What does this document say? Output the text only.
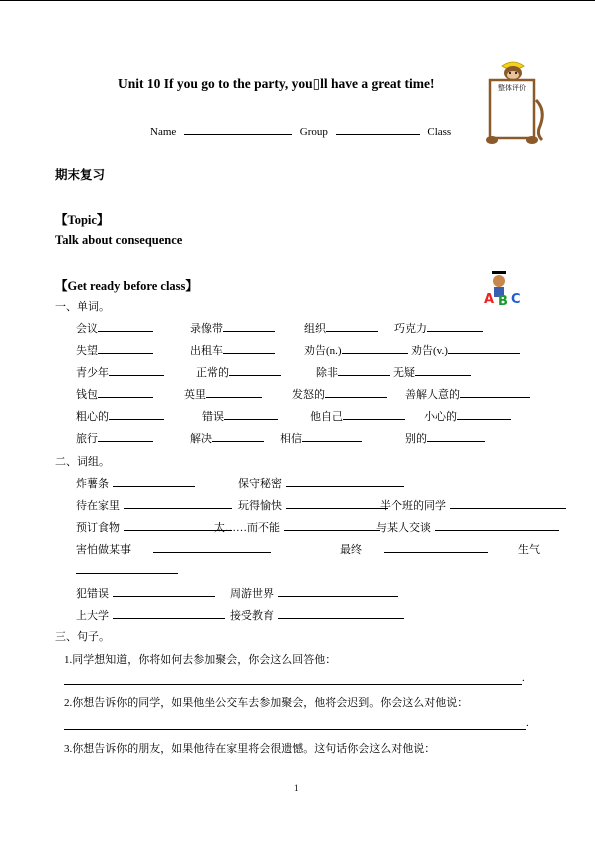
Unit 10 If you go to the party, you▯ll have a great time!
Name	Group	Class
整体评价
期末复习
【Topic】
Talk about consequence
【Get ready before class】
A B C
一、单词。
会议	录像带	组织	巧克力
失望	出租车	劝告(n.)	劝告(v.)
青少年	正常的	除非	无疑
钱包	英里	发怒的	善解人意的
粗心的	错误	他自己	小心的
旅行	解决	相信	别的
二、词组。
炸薯条	保守秘密
待在家里	玩得愉快	半个班的同学
预订食物	太……而不能	与某人交谈
害怕做某事	最终	生气
犯错误	周游世界
上大学	接受教育
三、句子。
1.同学想知道，你将如何去参加聚会，你会这么回答他：
.
2.你想告诉你的同学，如果他坐公交车去参加聚会，他将会迟到。你会这么对他说：
.
3.你想告诉你的朋友，如果他待在家里将会很遗憾。这句话你会这么对他说：
1
